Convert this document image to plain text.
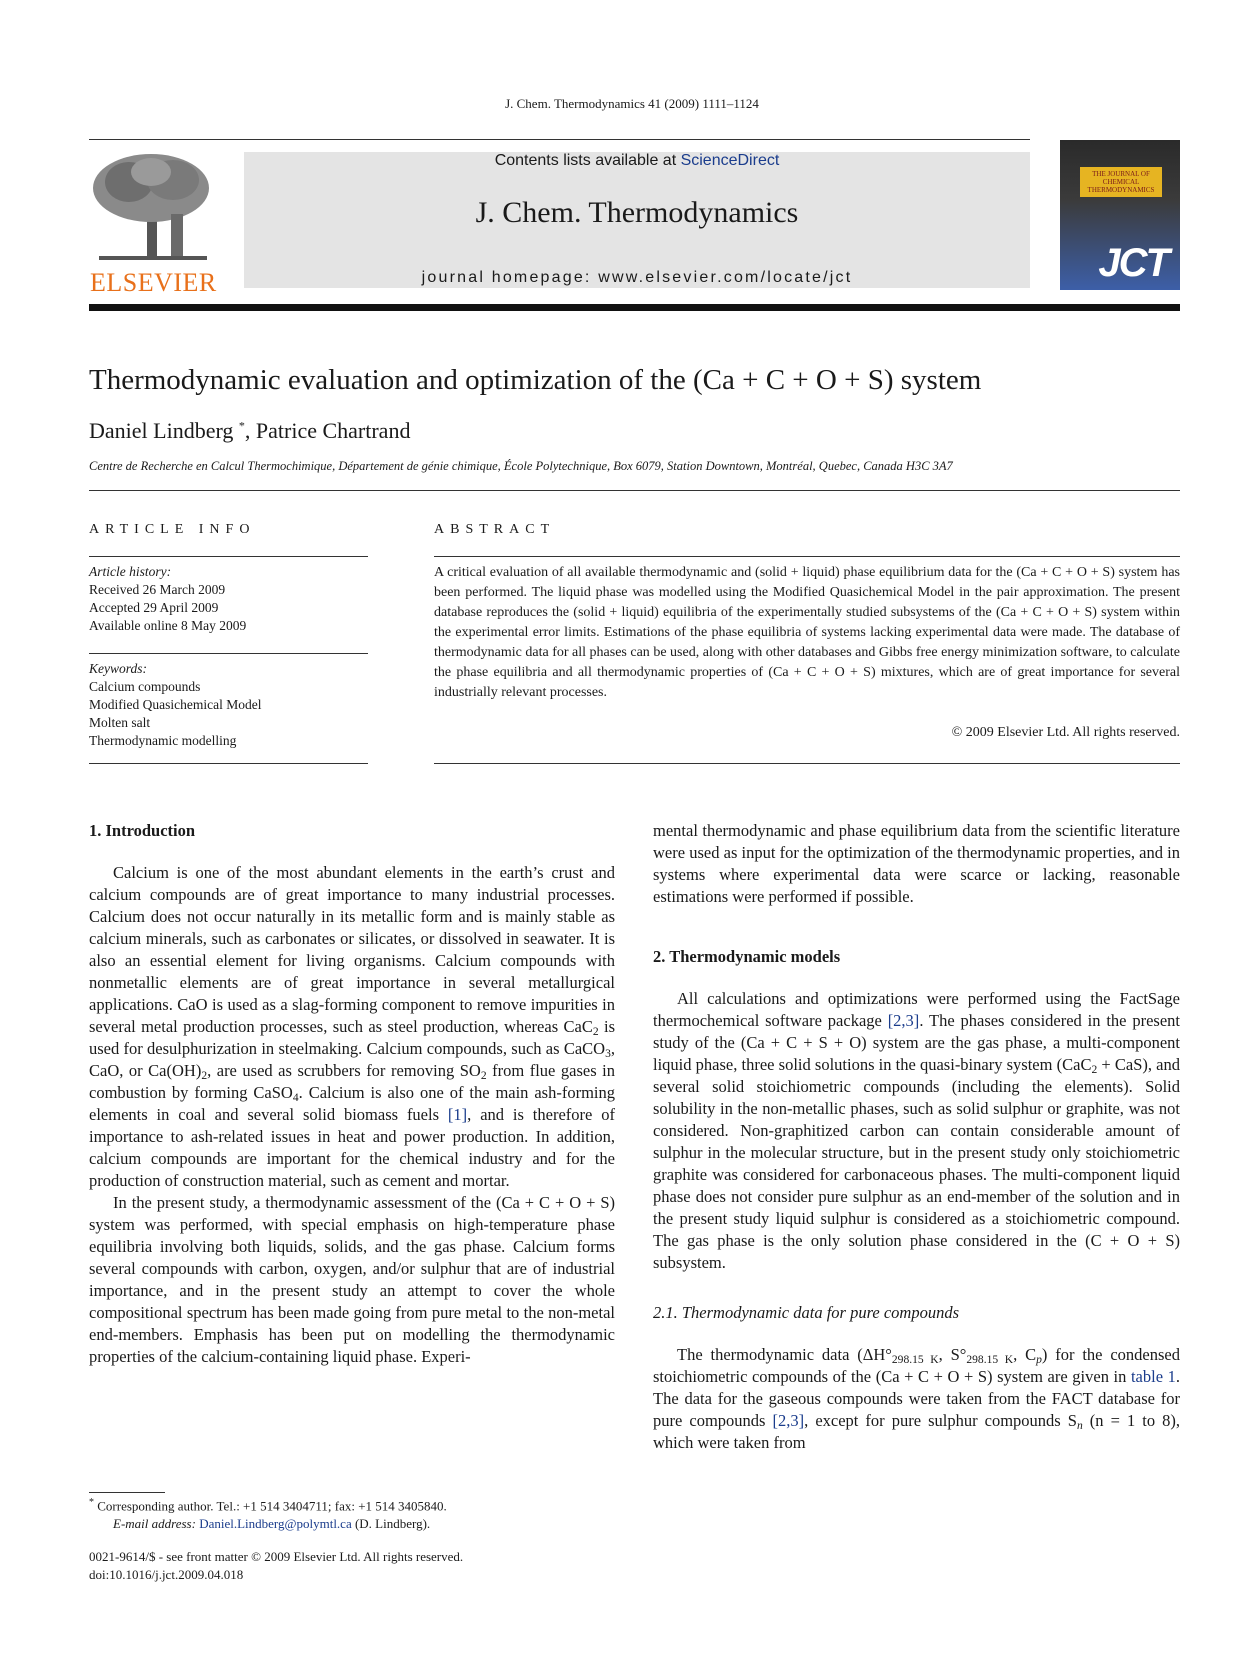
J. Chem. Thermodynamics 41 (2009) 1111–1124
ELSEVIER
Contents lists available at ScienceDirect
J. Chem. Thermodynamics
journal homepage: www.elsevier.com/locate/jct
THE JOURNAL OF CHEMICAL THERMODYNAMICS
JCT
Thermodynamic evaluation and optimization of the (Ca + C + O + S) system
Daniel Lindberg *, Patrice Chartrand
Centre de Recherche en Calcul Thermochimique, Département de génie chimique, École Polytechnique, Box 6079, Station Downtown, Montréal, Quebec, Canada H3C 3A7
ARTICLE INFO	ABSTRACT
Article history:
Received 26 March 2009
Accepted 29 April 2009
Available online 8 May 2009
Keywords:
Calcium compounds
Modified Quasichemical Model
Molten salt
Thermodynamic modelling
A critical evaluation of all available thermodynamic and (solid + liquid) phase equilibrium data for the (Ca + C + O + S) system has been performed. The liquid phase was modelled using the Modified Quasichemical Model in the pair approximation. The present database reproduces the (solid + liquid) equilibria of the experimentally studied subsystems of the (Ca + C + O + S) system within the experimental error limits. Estimations of the phase equilibria of systems lacking experimental data were made. The database of thermodynamic data for all phases can be used, along with other databases and Gibbs free energy minimization software, to calculate the phase equilibria and all thermodynamic properties of (Ca + C + O + S) mixtures, which are of great importance for several industrially relevant processes.
© 2009 Elsevier Ltd. All rights reserved.
1. Introduction

Calcium is one of the most abundant elements in the earth’s crust and calcium compounds are of great importance to many industrial processes. Calcium does not occur naturally in its metallic form and is mainly stable as calcium minerals, such as carbonates or silicates, or dissolved in seawater. It is also an essential element for living organisms. Calcium compounds with nonmetallic elements are of great importance in several metallurgical applications. CaO is used as a slag-forming component to remove impurities in several metal production processes, such as steel production, whereas CaC$_2$ is used for desulphurization in steelmaking. Calcium compounds, such as CaCO$_3$, CaO, or $Ca(OH)_2$, are used as scrubbers for removing $SO_2$ from flue gases in combustion by forming CaSO$_4$. Calcium is also one of the main ash-forming elements in coal and several solid biomass fuels [1], and is therefore of importance to ash-related issues in heat and power production. In addition, calcium compounds are important for the chemical industry and for the production of construction material, such as cement and mortar.

In the present study, a thermodynamic assessment of the (Ca + C + O + S) system was performed, with special emphasis on high-temperature phase equilibria involving both liquids, solids, and the gas phase. Calcium forms several compounds with carbon, oxygen, and/or sulphur that are of industrial importance, and in the present study an attempt to cover the whole compositional spectrum has been made going from pure metal to the non-metal end-members. Emphasis has been put on modelling the thermodynamic properties of the calcium-containing liquid phase. Experi-

mental thermodynamic and phase equilibrium data from the scientific literature were used as input for the optimization of the thermodynamic properties, and in systems where experimental data were scarce or lacking, reasonable estimations were performed if possible.

2. Thermodynamic models

All calculations and optimizations were performed using the FactSage thermochemical software package [2,3]. The phases considered in the present study of the (Ca + C + S + O) system are the gas phase, a multi-component liquid phase, three solid solutions in the quasi-binary system (CaC$_2$ + CaS), and several solid stoichiometric compounds (including the elements). Solid solubility in the non-metallic phases, such as solid sulphur or graphite, was not considered. Non-graphitized carbon can contain considerable amount of sulphur in the molecular structure, but in the present study only stoichiometric graphite was considered for carbonaceous phases. The multi-component liquid phase does not consider pure sulphur as an end-member of the solution and in the present study liquid sulphur is considered as a stoichiometric compound. The gas phase is the only solution phase considered in the (C + O + S) subsystem.

2.1. Thermodynamic data for pure compounds

The thermodynamic data ($\Delta H^\circ_{298.15 K}$, $S^\circ_{298.15 K}$, $C_p$) for the condensed stoichiometric compounds of the (Ca + C + O + S) system are given in table 1. The data for the gaseous compounds were taken from the FACT database for pure compounds [2,3], except for pure sulphur compounds $S_n$ (n = 1 to 8), which were taken from

* Corresponding author. Tel.: +1 514 3404711; fax: +1 514 3405840.
E-mail address: Daniel.Lindberg@polymtl.ca (D. Lindberg).
0021-9614/$ - see front matter © 2009 Elsevier Ltd. All rights reserved.
doi:10.1016/j.jct.2009.04.018
